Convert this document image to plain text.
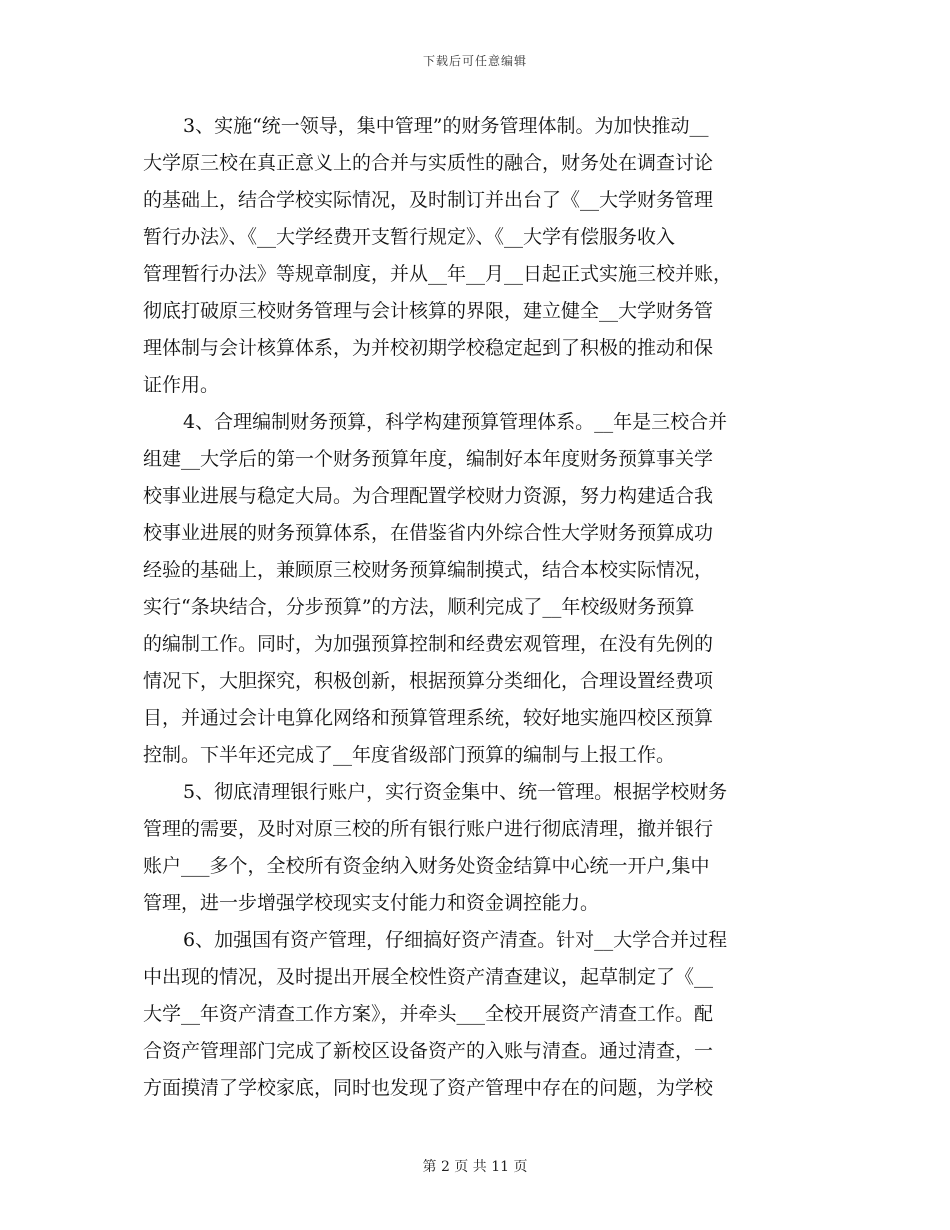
下载后可任意编辑
3、实施“统一领导，集中管理”的财务管理体制。为加快推动__
大学原三校在真正意义上的合并与实质性的融合，财务处在调查讨论
的基础上，结合学校实际情况，及时制订并出台了《__大学财务管理
暂行办法》、《__大学经费开支暂行规定》、《__大学有偿服务收入
管理暂行办法》等规章制度，并从__年__月__日起正式实施三校并账，
彻底打破原三校财务管理与会计核算的界限，建立健全__大学财务管
理体制与会计核算体系，为并校初期学校稳定起到了积极的推动和保
证作用。
4、合理编制财务预算，科学构建预算管理体系。__年是三校合并
组建__大学后的第一个财务预算年度，编制好本年度财务预算事关学
校事业进展与稳定大局。为合理配置学校财力资源，努力构建适合我
校事业进展的财务预算体系，在借鉴省内外综合性大学财务预算成功
经验的基础上，兼顾原三校财务预算编制摸式，结合本校实际情况，
实行“条块结合，分步预算”的方法，顺利完成了__年校级财务预算
的编制工作。同时，为加强预算控制和经费宏观管理，在没有先例的
情况下，大胆探究，积极创新，根据预算分类细化，合理设置经费项
目，并通过会计电算化网络和预算管理系统，较好地实施四校区预算
控制。下半年还完成了__年度省级部门预算的编制与上报工作。
5、彻底清理银行账户，实行资金集中、统一管理。根据学校财务
管理的需要，及时对原三校的所有银行账户进行彻底清理，撤并银行
账户___多个，全校所有资金纳入财务处资金结算中心统一开户,集中
管理，进一步增强学校现实支付能力和资金调控能力。
6、加强国有资产管理，仔细搞好资产清查。针对__大学合并过程
中出现的情况，及时提出开展全校性资产清查建议，起草制定了《__
大学__年资产清查工作方案》，并牵头___全校开展资产清查工作。配
合资产管理部门完成了新校区设备资产的入账与清查。通过清查，一
方面摸清了学校家底，同时也发现了资产管理中存在的问题，为学校
第 2 页 共 11 页
